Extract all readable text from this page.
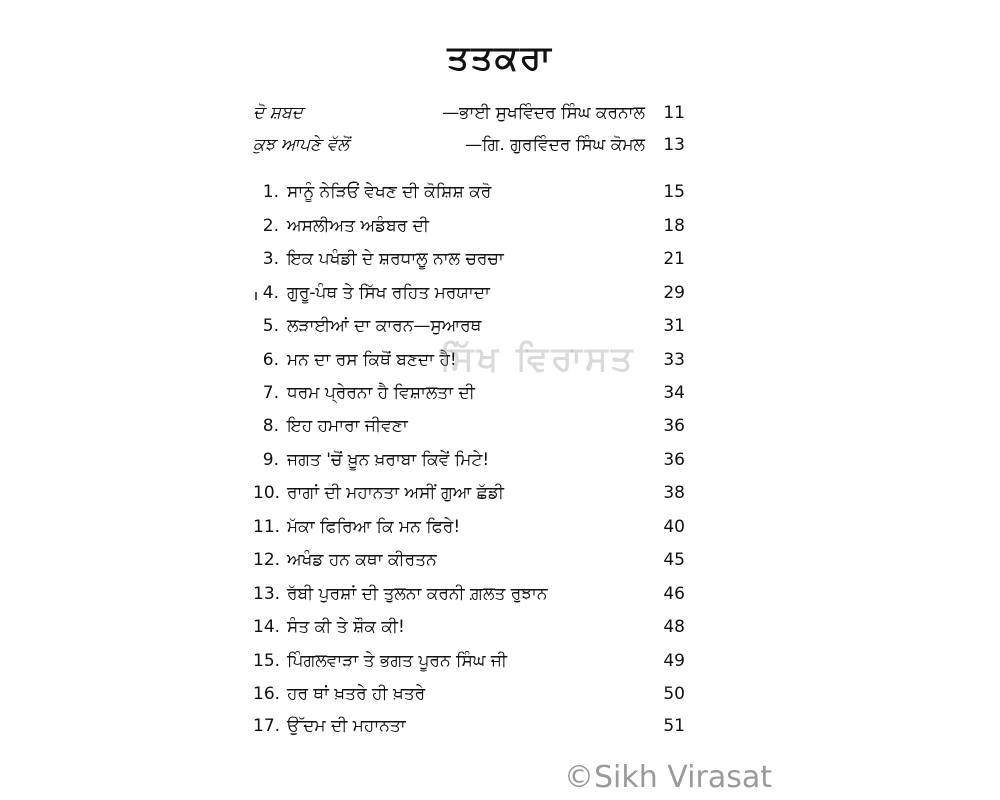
ਤਤਕਰਾ
ਦੋ ਸ਼ਬਦ	—ਭਾਈ ਸੁਖਵਿੰਦਰ ਸਿੰਘ ਕਰਨਾਲ	11
ਕੁਝ ਆਪਣੇ ਵੱਲੋਂ	—ਗਿ. ਗੁਰਵਿੰਦਰ ਸਿੰਘ ਕੋਮਲ	13
1. ਸਾਨੂੰ ਨੇੜਿਓਂ ਵੇਖਣ ਦੀ ਕੋਸ਼ਿਸ਼ ਕਰੋ	15
2. ਅਸਲੀਅਤ ਅਡੰਬਰ ਦੀ	18
3. ਇਕ ਪਖੰਡੀ ਦੇ ਸ਼ਰਧਾਲੂ ਨਾਲ ਚਰਚਾ	21
4. ਗੁਰੂ-ਪੰਥ ਤੇ ਸਿੱਖ ਰਹਿਤ ਮਰਯਾਦਾ	29
5. ਲੜਾਈਆਂ ਦਾ ਕਾਰਨ—ਸੁਆਰਥ	31
6. ਮਨ ਦਾ ਰਸ ਕਿਥੋਂ ਬਣਦਾ ਹੈ!	33
7. ਧਰਮ ਪ੍ਰੇਰਨਾ ਹੈ ਵਿਸ਼ਾਲਤਾ ਦੀ	34
8. ਇਹ ਹਮਾਰਾ ਜੀਵਣਾ	36
9. ਜਗਤ 'ਚੋਂ ਖ਼ੂਨ ਖ਼ਰਾਬਾ ਕਿਵੇਂ ਮਿਟੇ!	36
10. ਰਾਗਾਂ ਦੀ ਮਹਾਨਤਾ ਅਸੀਂ ਗੁਆ ਛੱਡੀ	38
11. ਮੱਕਾ ਫਿਰਿਆ ਕਿ ਮਨ ਫਿਰੇ!	40
12. ਅਖੰਡ ਹਨ ਕਥਾ ਕੀਰਤਨ	45
13. ਰੱਬੀ ਪੁਰਸ਼ਾਂ ਦੀ ਤੁਲਨਾ ਕਰਨੀ ਗ਼ਲਤ ਰੁਝਾਨ	46
14. ਸੰਤ ਕੀ ਤੇ ਸ਼ੌਕ ਕੀ!	48
15. ਪਿੰਗਲਵਾੜਾ ਤੇ ਭਗਤ ਪੂਰਨ ਸਿੰਘ ਜੀ	49
16. ਹਰ ਥਾਂ ਖ਼ਤਰੇ ਹੀ ਖ਼ਤਰੇ	50
17. ਉੱਦਮ ਦੀ ਮਹਾਨਤਾ	51
ਸਿੱਖ ਵਿਰਾਸਤ
©Sikh Virasat
